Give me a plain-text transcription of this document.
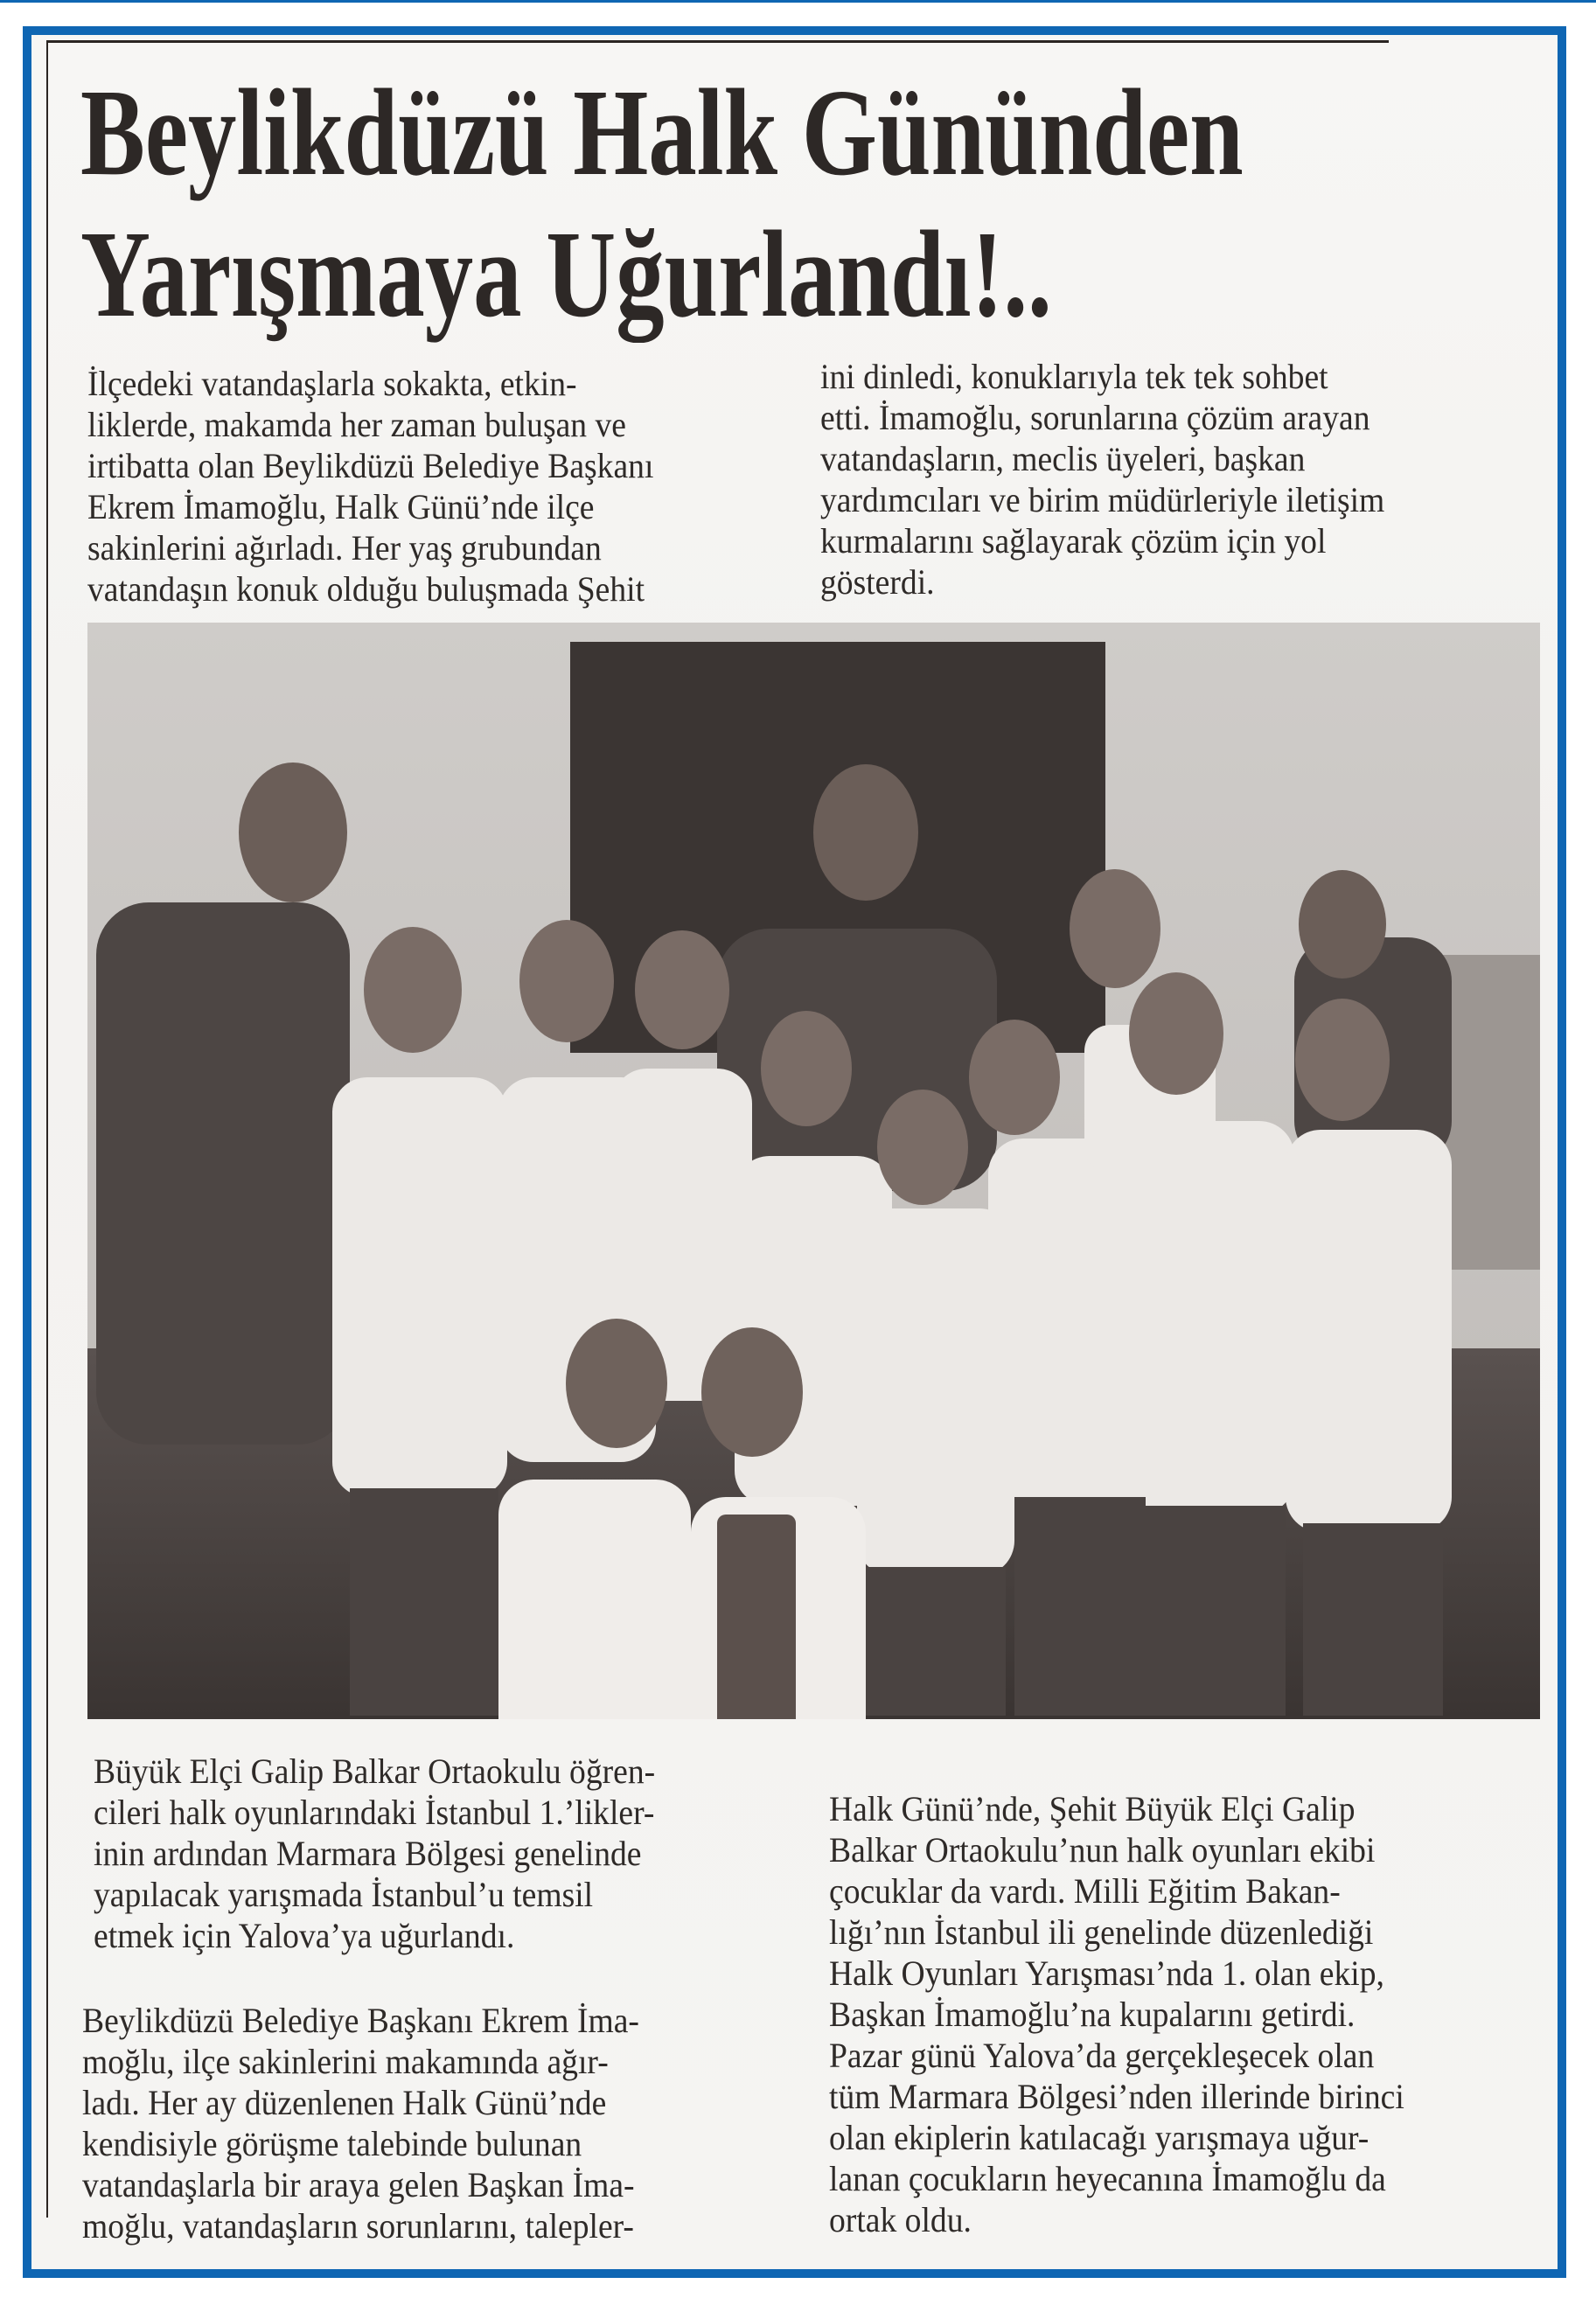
Beylikdüzü Halk Gününden
Yarışmaya Uğurlandı!..
İlçedeki vatandaşlarla sokakta, etkin-
liklerde, makamda her zaman buluşan ve
irtibatta olan Beylikdüzü Belediye Başkanı
Ekrem İmamoğlu, Halk Günü’nde ilçe
sakinlerini ağırladı. Her yaş grubundan
vatandaşın konuk olduğu buluşmada Şehit
ini dinledi, konuklarıyla tek tek sohbet
etti. İmamoğlu, sorunlarına çözüm arayan
vatandaşların, meclis üyeleri, başkan
yardımcıları ve birim müdürleriyle iletişim
kurmalarını sağlayarak çözüm için yol
gösterdi.
Büyük Elçi Galip Balkar Ortaokulu öğren-
cileri halk oyunlarındaki İstanbul 1.’likler-
inin ardından Marmara Bölgesi genelinde
yapılacak yarışmada İstanbul’u temsil
etmek için Yalova’ya uğurlandı.
Beylikdüzü Belediye Başkanı Ekrem İma-
moğlu, ilçe sakinlerini makamında ağır-
ladı. Her ay düzenlenen Halk Günü’nde
kendisiyle görüşme talebinde bulunan
vatandaşlarla bir araya gelen Başkan İma-
moğlu, vatandaşların sorunlarını, talepler-
Halk Günü’nde, Şehit Büyük Elçi Galip
Balkar Ortaokulu’nun halk oyunları ekibi
çocuklar da vardı. Milli Eğitim Bakan-
lığı’nın İstanbul ili genelinde düzenlediği
Halk Oyunları Yarışması’nda 1. olan ekip,
Başkan İmamoğlu’na kupalarını getirdi.
Pazar günü Yalova’da gerçekleşecek olan
tüm Marmara Bölgesi’nden illerinde birinci
olan ekiplerin katılacağı yarışmaya uğur-
lanan çocukların heyecanına İmamoğlu da
ortak oldu.
